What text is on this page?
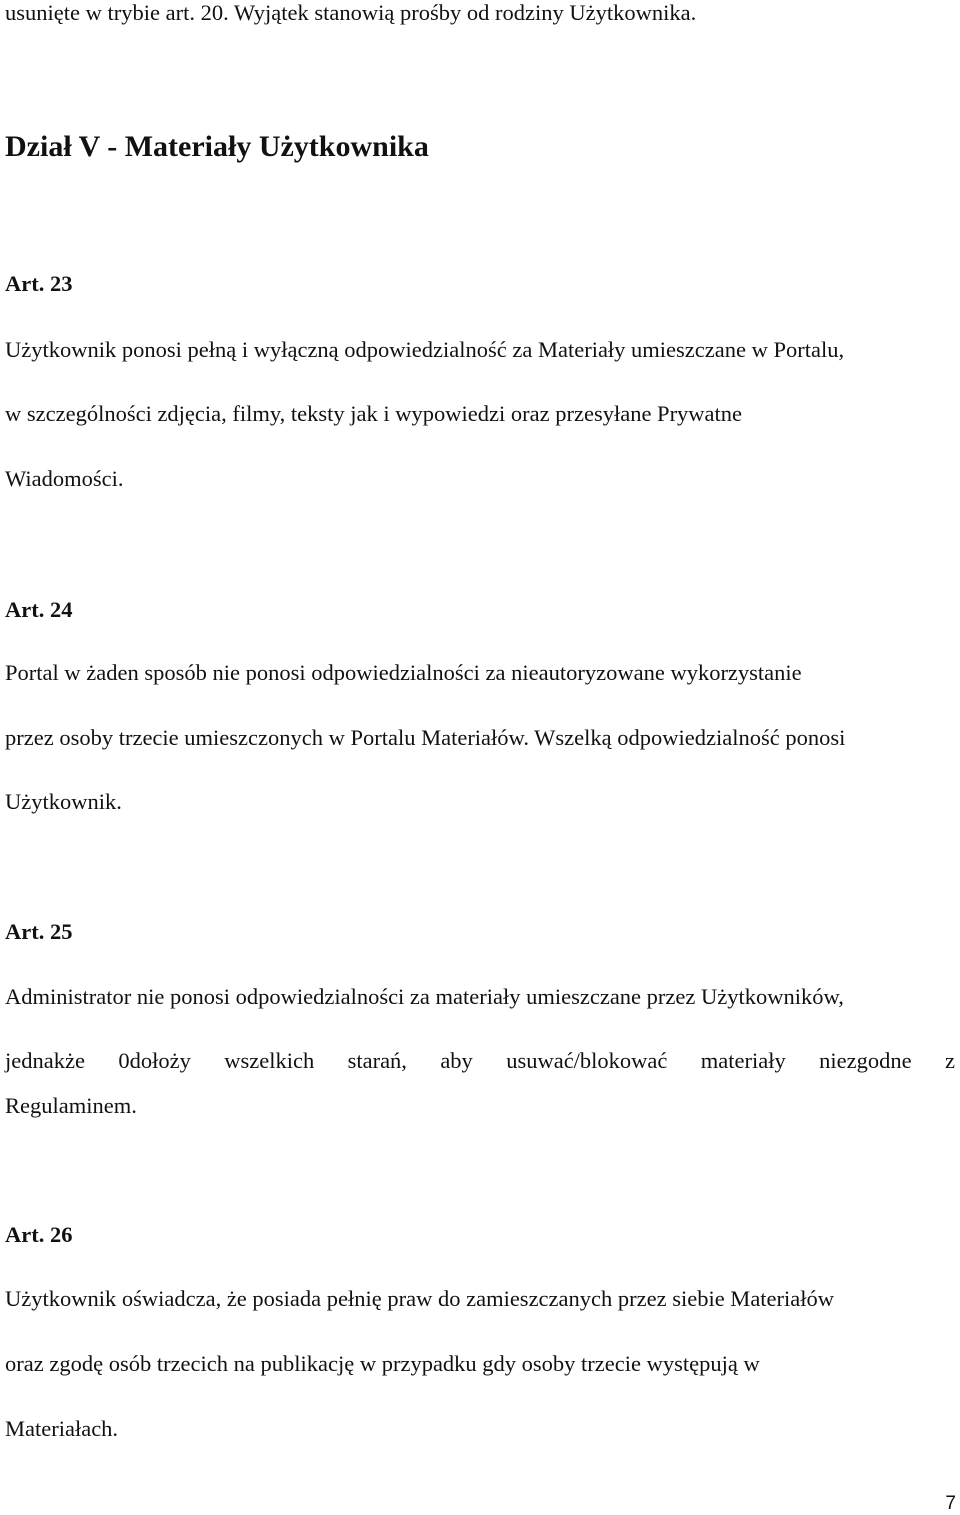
usunięte w trybie art. 20. Wyjątek stanowią prośby od rodziny Użytkownika.
Dział V - Materiały Użytkownika
Art. 23
Użytkownik ponosi pełną i wyłączną odpowiedzialność za Materiały umieszczane w Portalu,
w szczególności zdjęcia, filmy, teksty jak i wypowiedzi oraz przesyłane Prywatne
Wiadomości.
Art. 24
Portal w żaden sposób nie ponosi odpowiedzialności za nieautoryzowane wykorzystanie
przez osoby trzecie umieszczonych w Portalu Materiałów. Wszelką odpowiedzialność ponosi
Użytkownik.
Art. 25
Administrator nie ponosi odpowiedzialności za materiały umieszczane przez Użytkowników,
jednakże 0dołoży wszelkich starań, aby usuwać/blokować materiały niezgodne z
Regulaminem.
Art. 26
Użytkownik oświadcza, że posiada pełnię praw do zamieszczanych przez siebie Materiałów
oraz zgodę osób trzecich na publikację w przypadku gdy osoby trzecie występują w
Materiałach.
7
